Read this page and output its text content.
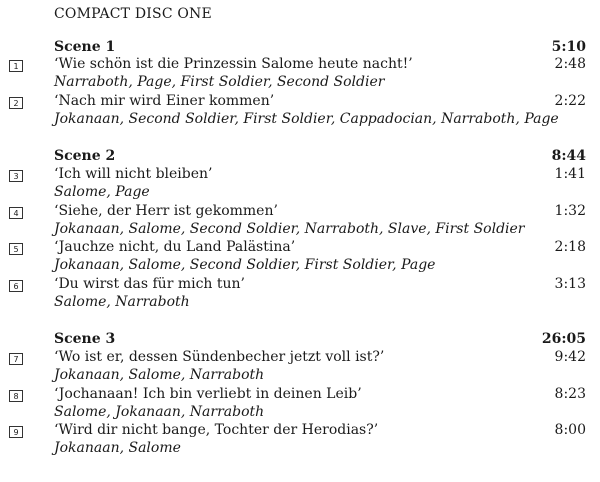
COMPACT DISC ONE
Scene 1	5:10
1	‘Wie schön ist die Prinzessin Salome heute nacht!’	2:48
Narraboth, Page, First Soldier, Second Soldier
2	‘Nach mir wird Einer kommen’	2:22
Jokanaan, Second Soldier, First Soldier, Cappadocian, Narraboth, Page
Scene 2	8:44
3	‘Ich will nicht bleiben’	1:41
Salome, Page
4	‘Siehe, der Herr ist gekommen’	1:32
Jokanaan, Salome, Second Soldier, Narraboth, Slave, First Soldier
5	‘Jauchze nicht, du Land Palästina’	2:18
Jokanaan, Salome, Second Soldier, First Soldier, Page
6	‘Du wirst das für mich tun’	3:13
Salome, Narraboth
Scene 3	26:05
7	‘Wo ist er, dessen Sündenbecher jetzt voll ist?’	9:42
Jokanaan, Salome, Narraboth
8	‘Jochanaan! Ich bin verliebt in deinen Leib’	8:23
Salome, Jokanaan, Narraboth
9	‘Wird dir nicht bange, Tochter der Herodias?’	8:00
Jokanaan, Salome
